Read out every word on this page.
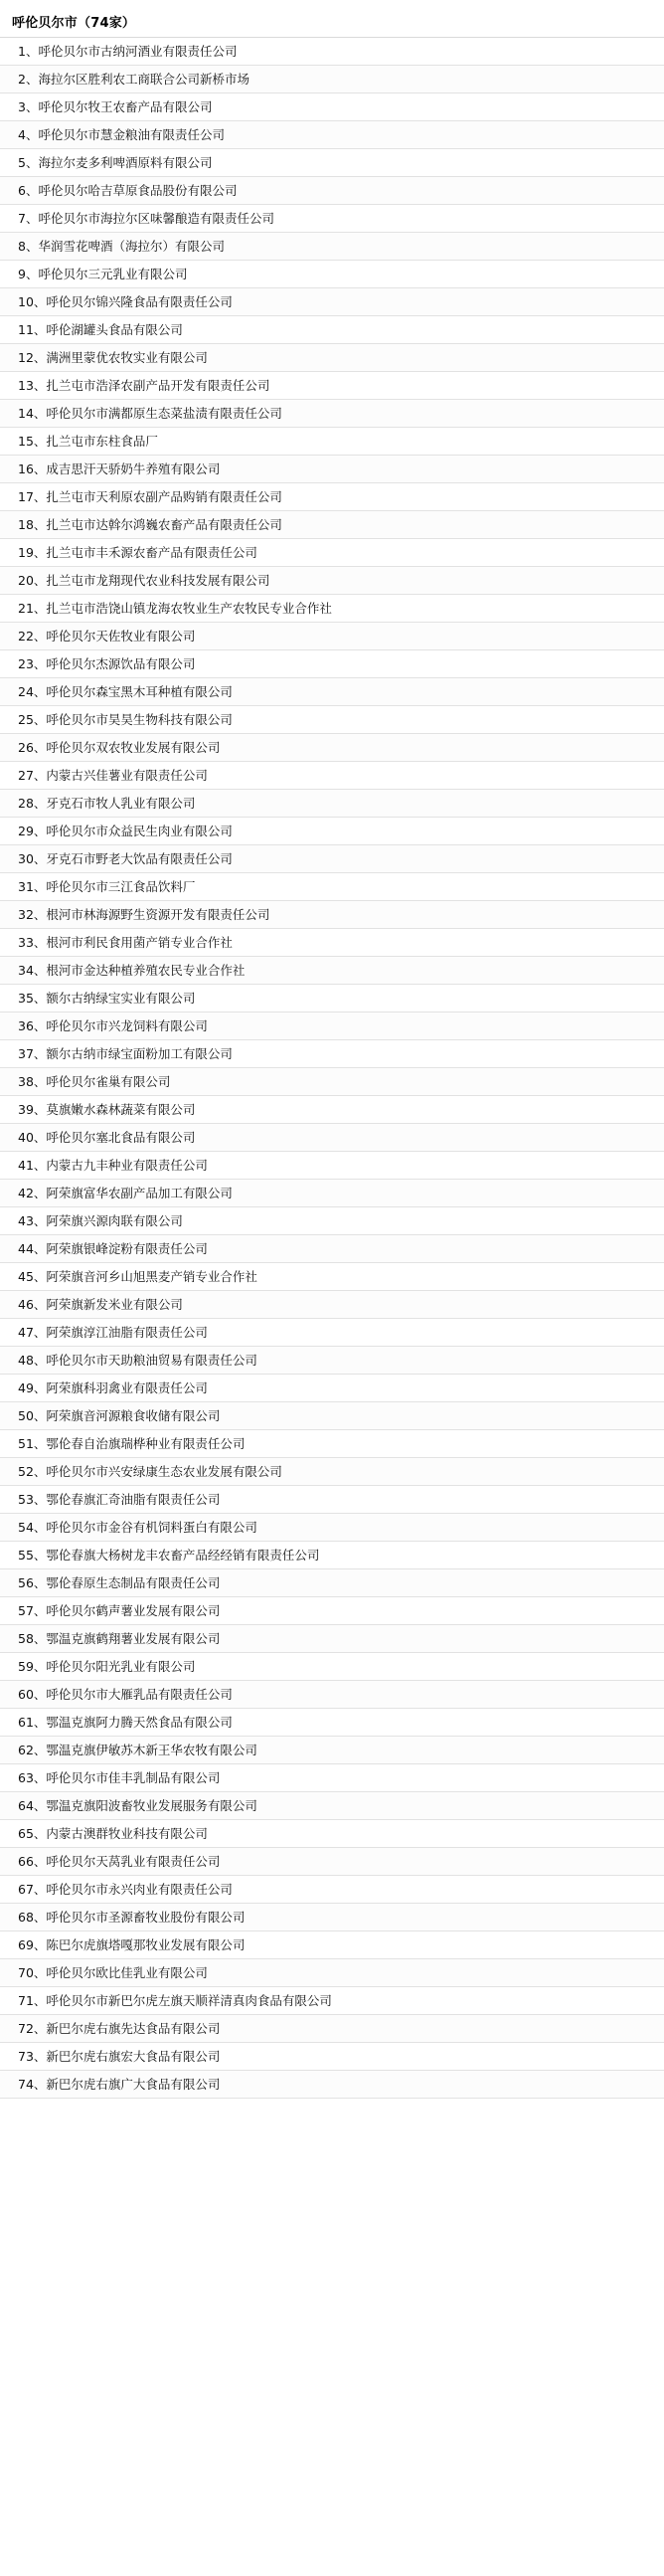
呼伦贝尔市（74家）
1、呼伦贝尔市古纳河酒业有限责任公司
2、海拉尔区胜利农工商联合公司新桥市场
3、呼伦贝尔牧王农畜产品有限公司
4、呼伦贝尔市慧金粮油有限责任公司
5、海拉尔麦多利啤酒原料有限公司
6、呼伦贝尔哈吉草原食品股份有限公司
7、呼伦贝尔市海拉尔区味馨酿造有限责任公司
8、华润雪花啤酒（海拉尔）有限公司
9、呼伦贝尔三元乳业有限公司
10、呼伦贝尔锦兴隆食品有限责任公司
11、呼伦湖罐头食品有限公司
12、满洲里蒙优农牧实业有限公司
13、扎兰屯市浩泽农副产品开发有限责任公司
14、呼伦贝尔市满都原生态菜盐渍有限责任公司
15、扎兰屯市东柱食品厂
16、成吉思汗天骄奶牛养殖有限公司
17、扎兰屯市天利原农副产品购销有限责任公司
18、扎兰屯市达斡尔鸿巍农畜产品有限责任公司
19、扎兰屯市丰禾源农畜产品有限责任公司
20、扎兰屯市龙翔现代农业科技发展有限公司
21、扎兰屯市浩饶山镇龙海农牧业生产农牧民专业合作社
22、呼伦贝尔天佐牧业有限公司
23、呼伦贝尔杰源饮品有限公司
24、呼伦贝尔森宝黑木耳种植有限公司
25、呼伦贝尔市昊昊生物科技有限公司
26、呼伦贝尔双农牧业发展有限公司
27、内蒙古兴佳薯业有限责任公司
28、牙克石市牧人乳业有限公司
29、呼伦贝尔市众益民生肉业有限公司
30、牙克石市野老大饮品有限责任公司
31、呼伦贝尔市三江食品饮料厂
32、根河市林海源野生资源开发有限责任公司
33、根河市利民食用菌产销专业合作社
34、根河市金达种植养殖农民专业合作社
35、额尔古纳绿宝实业有限公司
36、呼伦贝尔市兴龙饲料有限公司
37、额尔古纳市绿宝面粉加工有限公司
38、呼伦贝尔雀巢有限公司
39、莫旗嫩水森林蔬菜有限公司
40、呼伦贝尔塞北食品有限公司
41、内蒙古九丰种业有限责任公司
42、阿荣旗富华农副产品加工有限公司
43、阿荣旗兴源肉联有限公司
44、阿荣旗银峰淀粉有限责任公司
45、阿荣旗音河乡山旭黑麦产销专业合作社
46、阿荣旗新发米业有限公司
47、阿荣旗淳江油脂有限责任公司
48、呼伦贝尔市天助粮油贸易有限责任公司
49、阿荣旗科羽禽业有限责任公司
50、阿荣旗音河源粮食收储有限公司
51、鄂伦春自治旗瑞桦种业有限责任公司
52、呼伦贝尔市兴安绿康生态农业发展有限公司
53、鄂伦春旗汇奇油脂有限责任公司
54、呼伦贝尔市金谷有机饲料蛋白有限公司
55、鄂伦春旗大杨树龙丰农畜产品经经销有限责任公司
56、鄂伦春原生态制品有限责任公司
57、呼伦贝尔鹤声薯业发展有限公司
58、鄂温克旗鹤翔薯业发展有限公司
59、呼伦贝尔阳光乳业有限公司
60、呼伦贝尔市大雁乳品有限责任公司
61、鄂温克旗阿力腾天然食品有限公司
62、鄂温克旗伊敏苏木新王华农牧有限公司
63、呼伦贝尔市佳丰乳制品有限公司
64、鄂温克旗阳波畜牧业发展服务有限公司
65、内蒙古澳群牧业科技有限公司
66、呼伦贝尔天莴乳业有限责任公司
67、呼伦贝尔市永兴肉业有限责任公司
68、呼伦贝尔市圣源畜牧业股份有限公司
69、陈巴尔虎旗塔嘎那牧业发展有限公司
70、呼伦贝尔欧比佳乳业有限公司
71、呼伦贝尔市新巴尔虎左旗天顺祥清真肉食品有限公司
72、新巴尔虎右旗先达食品有限公司
73、新巴尔虎右旗宏大食品有限公司
74、新巴尔虎右旗广大食品有限公司
